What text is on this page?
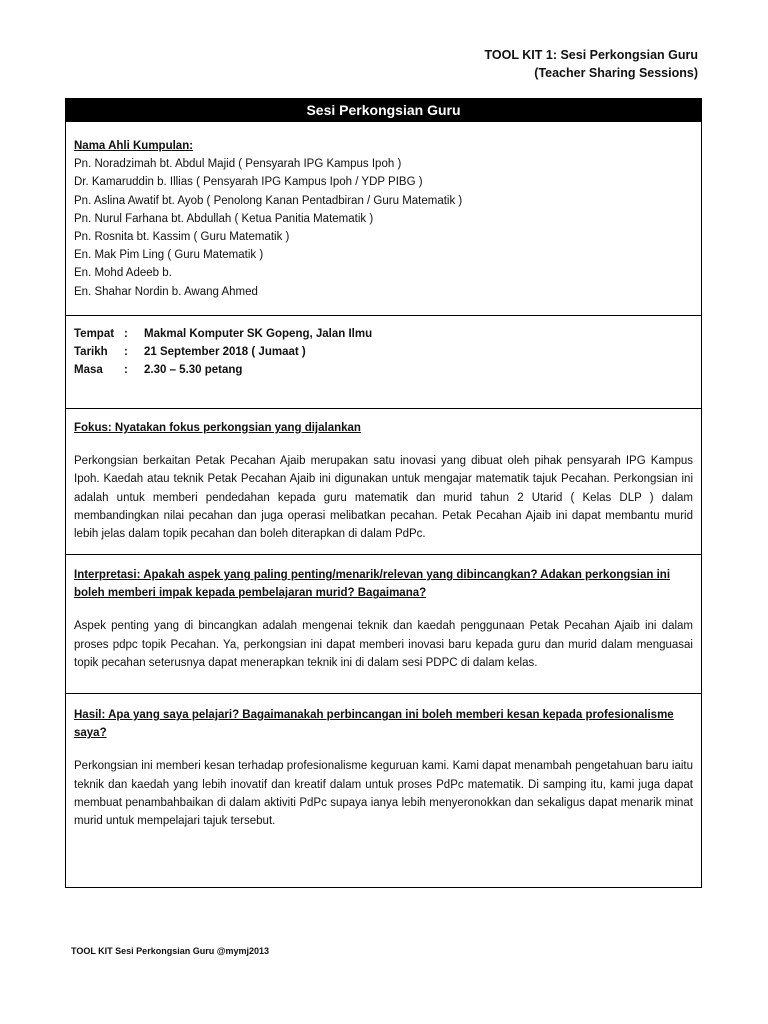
TOOL KIT 1: Sesi Perkongsian Guru
(Teacher Sharing Sessions)
Sesi Perkongsian Guru
Nama Ahli Kumpulan:
Pn. Noradzimah bt. Abdul Majid ( Pensyarah IPG Kampus Ipoh )
Dr. Kamaruddin b. Illias ( Pensyarah IPG Kampus Ipoh / YDP PIBG )
Pn. Aslina Awatif bt. Ayob ( Penolong Kanan Pentadbiran / Guru Matematik )
Pn. Nurul Farhana bt. Abdullah ( Ketua Panitia Matematik )
Pn. Rosnita bt. Kassim ( Guru Matematik )
En. Mak Pim Ling ( Guru Matematik )
En. Mohd Adeeb b.
En. Shahar Nordin b. Awang Ahmed
Tempat :	Makmal Komputer SK Gopeng, Jalan Ilmu
Tarikh	:	21 September 2018 ( Jumaat )
Masa	:	2.30 – 5.30 petang
Fokus: Nyatakan fokus perkongsian yang dijalankan
Perkongsian berkaitan Petak Pecahan Ajaib merupakan satu inovasi yang dibuat oleh pihak pensyarah IPG Kampus Ipoh. Kaedah atau teknik Petak Pecahan Ajaib ini digunakan untuk mengajar matematik tajuk Pecahan. Perkongsian ini adalah untuk memberi pendedahan kepada guru matematik dan murid tahun 2 Utarid ( Kelas DLP ) dalam membandingkan nilai pecahan dan juga operasi melibatkan pecahan. Petak Pecahan Ajaib ini dapat membantu murid lebih jelas dalam topik pecahan dan boleh diterapkan di dalam PdPc.
Interpretasi: Apakah aspek yang paling penting/menarik/relevan yang dibincangkan? Adakan perkongsian ini boleh memberi impak kepada pembelajaran murid? Bagaimana?
Aspek penting yang di bincangkan adalah mengenai teknik dan kaedah penggunaan Petak Pecahan Ajaib ini dalam proses pdpc topik Pecahan. Ya, perkongsian ini dapat memberi inovasi baru kepada guru dan murid dalam menguasai topik pecahan seterusnya dapat menerapkan teknik ini di dalam sesi PDPC di dalam kelas.
Hasil: Apa yang saya pelajari? Bagaimanakah perbincangan ini boleh memberi kesan kepada profesionalisme saya?
Perkongsian ini memberi kesan terhadap profesionalisme keguruan kami. Kami dapat menambah pengetahuan baru iaitu teknik dan kaedah yang lebih inovatif dan kreatif dalam untuk proses PdPc matematik. Di samping itu, kami juga dapat membuat penambahbaikan di dalam aktiviti PdPc supaya ianya lebih menyeronokkan dan sekaligus dapat menarik minat murid untuk mempelajari tajuk tersebut.
TOOL KIT Sesi Perkongsian Guru @mymj2013
